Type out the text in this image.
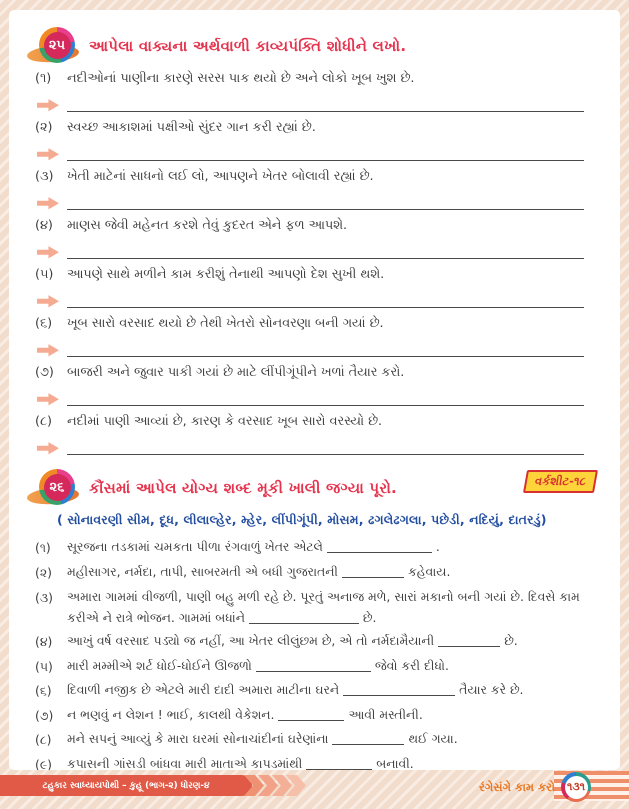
૨૫	આપેલા વાક્યના અર્થવાળી કાવ્યપંક્તિ શોધીને લખો.
(૧)	નદીઓનાં પાણીના કારણે સરસ પાક થયો છે અને લોકો ખૂબ ખુશ છે.
(૨)	સ્વચ્છ આકાશમાં પક્ષીઓ સુંદર ગાન કરી રહ્યાં છે.
(૩)	ખેતી માટેનાં સાધનો લઈ લો, આપણને ખેતર બોલાવી રહ્યાં છે.
(૪)	માણસ જેવી મહેનત કરશે તેવું કુદરત એને ફળ આપશે.
(૫)	આપણે સાથે મળીને કામ કરીશું તેનાથી આપણો દેશ સુખી થશે.
(૬)	ખૂબ સારો વરસાદ થયો છે તેથી ખેતરો સોનવરણા બની ગયાં છે.
(૭)	બાજરી અને જુવાર પાકી ગયાં છે માટે લીંપીગૂંપીને ખળાં તૈયાર કરો.
(૮)	નદીમાં પાણી આવ્યાં છે, કારણ કે વરસાદ ખૂબ સારો વરસ્યો છે.
૨૬	કૌંસમાં આપેલ યોગ્ય શબ્દ મૂકી ખાલી જગ્યા પૂરો.	વર્કશીટ-૧૮
( સોનાવરણી સીમ, દૂધ, લીલાલ્હેર, મ્હેર, લીંપીગૂંપી, મોસમ, ઢગલેઢગલા, પછેડી, નદિયું, દાતરડું)
(૧)	સૂરજના તડકામાં ચમકતા પીળા રંગવાળું ખેતર એટલે	.
(૨)	મહીસાગર, નર્મદા, તાપી, સાબરમતી એ બધી ગુજરાતની	કહેવાય.
(૩)	અમારા ગામમાં વીજળી, પાણી બહુ મળી રહે છે. પૂરતું અનાજ મળે, સારાં મકાનો બની ગયાં છે. દિવસે કામ કરીએ ને રાત્રે ભોજન. ગામમાં બધાંને	છે.
(૪)	આખું વર્ષ વરસાદ પડ્યો જ નહીં, આ ખેતર લીલુંછમ છે, એ તો નર્મદામૈયાની	છે.
(૫)	મારી મમ્મીએ શર્ટ ધોઈ-ધોઈને ઊજળો	જેવો કરી દીધો.
(૬)	દિવાળી નજીક છે એટલે મારી દાદી અમારા માટીના ઘરને	તૈયાર કરે છે.
(૭)	ન ભણવું ન લેશન ! ભાઈ, કાલથી વેકેશન.	આવી મસ્તીની.
(૮)	મને સપનું આવ્યું કે મારા ઘરમાં સોનાચાંદીનાં ઘરેણાંના	થઈ ગયા.
(૯)	કપાસની ગાંસડી બાંધવા મારી માતાએ કાપડમાંથી	બનાવી.
ટહુકાર સ્વાધ્યાયપોથી – કુહૂ (ભાગ-૨) ધોરણ-૪	રંગેસંગે કામ કરો ૧૩૧
